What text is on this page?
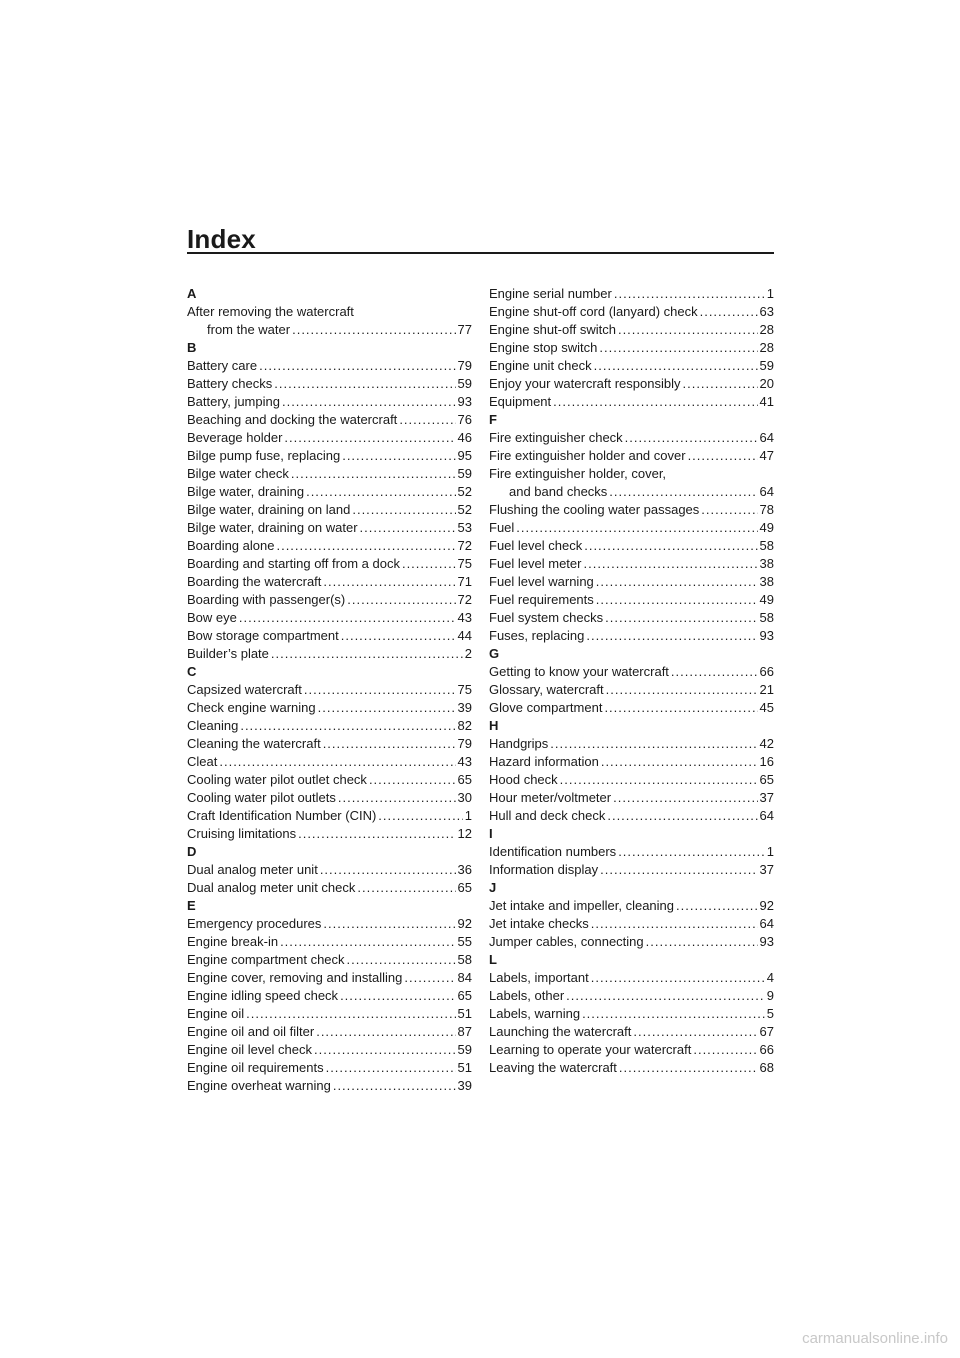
Index
A
After removing the watercraft
from the water .....	77
B
Battery care .....	79
Battery checks .....	59
Battery, jumping .....	93
Beaching and docking the watercraft .....	76
Beverage holder .....	46
Bilge pump fuse, replacing .....	95
Bilge water check .....	59
Bilge water, draining .....	52
Bilge water, draining on land .....	52
Bilge water, draining on water .....	53
Boarding alone .....	72
Boarding and starting off from a dock .....	75
Boarding the watercraft .....	71
Boarding with passenger(s) .....	72
Bow eye .....	43
Bow storage compartment .....	44
Builder’s plate .....	2
C
Capsized watercraft .....	75
Check engine warning .....	39
Cleaning .....	82
Cleaning the watercraft .....	79
Cleat .....	43
Cooling water pilot outlet check .....	65
Cooling water pilot outlets .....	30
Craft Identification Number (CIN) .....	1
Cruising limitations .....	12
D
Dual analog meter unit .....	36
Dual analog meter unit check .....	65
E
Emergency procedures .....	92
Engine break-in .....	55
Engine compartment check .....	58
Engine cover, removing and installing .....	84
Engine idling speed check .....	65
Engine oil .....	51
Engine oil and oil filter .....	87
Engine oil level check .....	59
Engine oil requirements .....	51
Engine overheat warning .....	39
Engine serial number .....	1
Engine shut-off cord (lanyard) check .....	63
Engine shut-off switch .....	28
Engine stop switch .....	28
Engine unit check .....	59
Enjoy your watercraft responsibly .....	20
Equipment .....	41
F
Fire extinguisher check .....	64
Fire extinguisher holder and cover .....	47
Fire extinguisher holder, cover,
and band checks .....	64
Flushing the cooling water passages .....	78
Fuel .....	49
Fuel level check .....	58
Fuel level meter .....	38
Fuel level warning .....	38
Fuel requirements .....	49
Fuel system checks .....	58
Fuses, replacing .....	93
G
Getting to know your watercraft .....	66
Glossary, watercraft .....	21
Glove compartment .....	45
H
Handgrips .....	42
Hazard information .....	16
Hood check .....	65
Hour meter/voltmeter .....	37
Hull and deck check .....	64
I
Identification numbers .....	1
Information display .....	37
J
Jet intake and impeller, cleaning .....	92
Jet intake checks .....	64
Jumper cables, connecting .....	93
L
Labels, important .....	4
Labels, other .....	9
Labels, warning .....	5
Launching the watercraft .....	67
Learning to operate your watercraft .....	66
Leaving the watercraft .....	68
carmanualsonline.info
